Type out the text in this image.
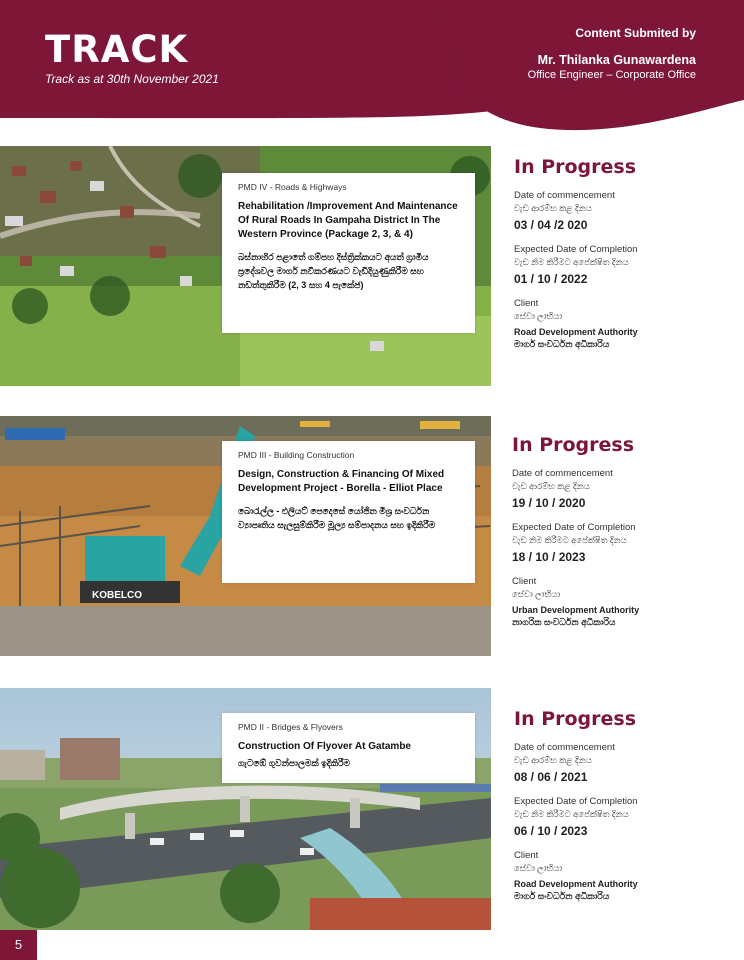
TRACK
Track as at 30th November 2021
Content Submited by
Mr. Thilanka Gunawardena
Office Engineer – Corporate Office
PMD IV - Roads & Highways
Rehabilitation /Improvement And Maintenance Of Rural Roads In Gampaha District In The Western Province (Package 2, 3, & 4)
බස්නාහිර පළාතේ ගම්පහ දිස්ත්‍රික්කයට අයත් ග්‍රාමීය ප්‍රදේශවල මාර්ග නවීකරණයට වැඩිදියුණුකිරීම සහ නඩත්තුකිරීම (2, 3 සහ 4 පැකේජ)
In Progress
Date of commencement
වැඩ ආරම්භ කළ දිනය
03 / 04 /2 020
Expected Date of Completion
වැඩ නිම කිරීමට අපේක්ෂිත දිනය
01 / 10 / 2022
Client
සේවා ලාභියා
Road Development Authority
මාර්ග සංවර්ධන අධිකාරිය
KOBELCO
PMD III - Building Construction
Design, Construction & Financing Of Mixed Development Project - Borella - Elliot Place
බොරැල්ල - එලියට් පෙදෙසේ යෝජිත මිශ්‍ර සංවර්ධන ව්‍යාපෘතිය සැලසුම්කිරීම මූල්‍ය සම්පාදනය සහ ඉදිකිරීම
In Progress
Date of commencement
වැඩ ආරම්භ කළ දිනය
19 / 10 / 2020
Expected Date of Completion
වැඩ නිම කිරීමට අපේක්ෂිත දිනය
18 / 10 / 2023
Client
සේවා ලාභියා
Urban Development Authority
නාගරික සංවර්ධන අධිකාරිය
PMD II - Bridges & Flyovers
Construction Of Flyover At Gatambe
ගැටඹේ ගුවන්පාලමක් ඉදිකිරීම
In Progress
Date of commencement
වැඩ ආරම්භ කළ දිනය
08 / 06 / 2021
Expected Date of Completion
වැඩ නිම කිරීමට අපේක්ෂිත දිනය
06 / 10 / 2023
Client
සේවා ලාභියා
Road Development Authority
මාර්ග සංවර්ධන අධිකාරිය
5
